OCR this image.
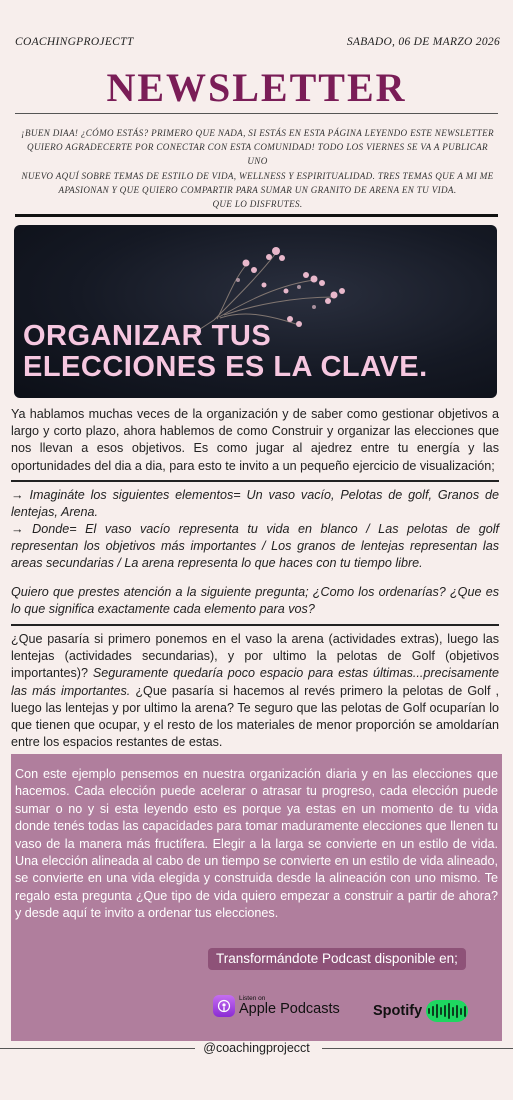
COACHINGPROJECTT	SABADO, 06 DE MARZO 2026
NEWSLETTER
¡BUEN DIAA! ¿CÓMO ESTÁS? PRIMERO QUE NADA, SI ESTÁS EN ESTA PÁGINA LEYENDO ESTE NEWSLETTER
QUIERO AGRADECERTE POR CONECTAR CON ESTA COMUNIDAD! TODO LOS VIERNES SE VA A PUBLICAR UNO
NUEVO AQUÍ SOBRE TEMAS DE ESTILO DE VIDA, WELLNESS Y ESPIRITUALIDAD. TRES TEMAS QUE A MI ME
APASIONAN Y QUE QUIERO COMPARTIR PARA SUMAR UN GRANITO DE ARENA EN TU VIDA.
QUE LO DISFRUTES.
ORGANIZAR TUS
ELECCIONES ES LA CLAVE.
Ya hablamos muchas veces de la organización y de saber como gestionar objetivos a largo y corto plazo, ahora hablemos de como Construir y organizar las elecciones que nos llevan a esos objetivos. Es como jugar al ajedrez entre tu energía y las oportunidades del dia a dia, para esto te invito a un pequeño ejercicio de visualización;
→ Imagináte los siguientes elementos= Un vaso vacío, Pelotas de golf, Granos de lentejas, Arena.
→ Donde= El vaso vacío representa tu vida en blanco / Las pelotas de golf representan los objetivos más importantes / Los granos de lentejas representan las areas secundarias / La arena representa lo que haces con tu tiempo libre.
Quiero que prestes atención a la siguiente pregunta; ¿Como los ordenarías? ¿Que es lo que significa exactamente cada elemento para vos?
¿Que pasaría si primero ponemos en el vaso la arena (actividades extras), luego las lentejas (actividades secundarias), y por ultimo la pelotas de Golf (objetivos importantes)? Seguramente quedaría poco espacio para estas últimas...precisamente las más importantes. ¿Que pasaría si hacemos al revés primero la pelotas de Golf , luego las lentejas y por ultimo la arena? Te seguro que las pelotas de Golf ocuparían lo que tienen que ocupar, y el resto de los materiales de menor proporción se amoldarían entre los espacios restantes de estas.
Con este ejemplo pensemos en nuestra organización diaria y en las elecciones que hacemos. Cada elección puede acelerar o atrasar tu progreso, cada elección puede sumar o no y si esta leyendo esto es porque ya estas en un momento de tu vida donde tenés todas las capacidades para tomar maduramente elecciones que llenen tu vaso de la manera más fructífera. Elegir a la larga se convierte en un estilo de vida. Una elección alineada al cabo de un tiempo se convierte en un estilo de vida alineado, se convierte en una vida elegida y construida desde la alineación con uno mismo. Te regalo esta pregunta ¿Que tipo de vida quiero empezar a construir a partir de ahora? y desde aquí te invito a ordenar tus elecciones.
Transformándote Podcast disponible en;
Listen on
Apple Podcasts Spotify
@coachingprojecct
